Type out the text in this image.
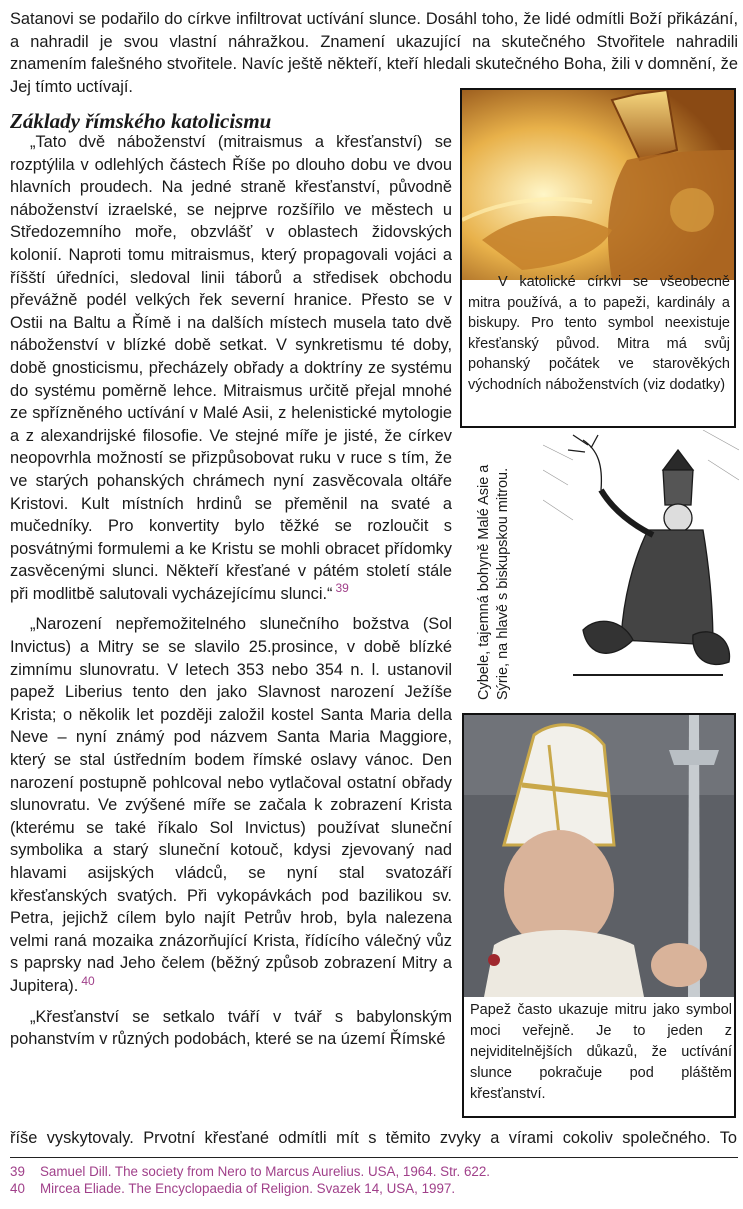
Satanovi se podařilo do církve infiltrovat uctívání slunce. Dosáhl toho, že lidé odmítli Boží přikázání, a nahradil je svou vlastní náhražkou. Znamení ukazující na skutečného Stvořitele nahradili znamením falešného stvořitele. Navíc ještě někteří, kteří hledali skutečného Boha, žili v domnění, že Jej tímto uctívají.

Základy římského katolicismu

„Tato dvě náboženství (mitraismus a křesťanství) se rozptýlila v odlehlých částech Říše po dlouho dobu ve dvou hlavních proudech. Na jedné straně křesťanství, původně náboženství izraelské, se nejprve rozšířilo ve městech u Středozemního moře, obzvlášť v oblastech židovských kolonií. Naproti tomu mitraismus, který propagovali vojáci a říšští úředníci, sledoval linii táborů a středisek obchodu převážně podél velkých řek severní hranice. Přesto se v Ostii na Baltu a Římě i na dalších místech musela tato dvě náboženství v blízké době setkat. V synkretismu té doby, době gnosticismu, přecházely obřady a doktríny ze systému do systému poměrně lehce. Mitraismus určitě přejal mnohé ze spřízněného uctívání v Malé Asii, z helenistické mytologie a z alexandrijské filosofie. Ve stejné míře je jisté, že církev neopovrhla možností se přizpůsobovat ruku v ruce s tím, že ve starých pohanských chrámech nyní zasvěcovala oltáře Kristovi. Kult místních hrdinů se přeměnil na svaté a mučedníky. Pro konvertity bylo těžké se rozloučit s posvátnými formulemi a ke Kristu se mohli obracet přídomky zasvěcenými slunci. Někteří křesťané v pátém století stále při modlitbě salutovali vycházejícímu slunci.“ $^{39}$

„Narození nepřemožitelného slunečního božstva (Sol Invictus) a Mitry se se slavilo 25.prosince, v době blízké zimnímu slunovratu. V letech 353 nebo 354 n. l. ustanovil papež Liberius tento den jako Slavnost narození Ježíše Krista; o několik let později založil kostel Santa Maria della Neve – nyní známý pod názvem Santa Maria Maggiore, který se stal ústředním bodem římské oslavy vánoc. Den narození postupně pohlcoval nebo vytlačoval ostatní obřady slunovratu. Ve zvýšené míře se začala k zobrazení Krista (kterému se také říkalo Sol Invictus) používat sluneční symbolika a starý sluneční kotouč, kdysi zjevovaný nad hlavami asijských vládců, se nyní stal svatozáří křesťanských svatých. Při vykopávkách pod bazilikou sv. Petra, jejichž cílem bylo najít Petrův hrob, byla nalezena velmi raná mozaika znázorňující Krista, řídícího válečný vůz s paprsky nad Jeho čelem (běžný způsob zobrazení Mitry a Jupitera). $^{40}$

„Křesťanství se setkalo tváří v tvář s babylonským pohanstvím v různých podobách, které se na území Římské

říše vyskytovaly. Prvotní křesťané odmítli mít s těmito zvyky a vírami cokoliv společného. To

V katolické církvi se všeobecně mitra používá, a to papeži, kardinály a biskupy. Pro tento symbol neexistuje křesťanský původ. Mitra má svůj pohanský počátek ve starověkých východních náboženstvích (viz dodatky)
Cybele, tajemná bohyně Malé Asie a Sýrie, na hlavě s biskupskou mitrou.
Papež často ukazuje mitru jako symbol moci veřejně. Je to jeden z nejviditelnějších důkazů, že uctívání slunce pokračuje pod pláštěm křesťanství.
39	Samuel Dill. The society from Nero to Marcus Aurelius. USA, 1964. Str. 622.
40	Mircea Eliade. The Encyclopaedia of Religion. Svazek 14, USA, 1997.
